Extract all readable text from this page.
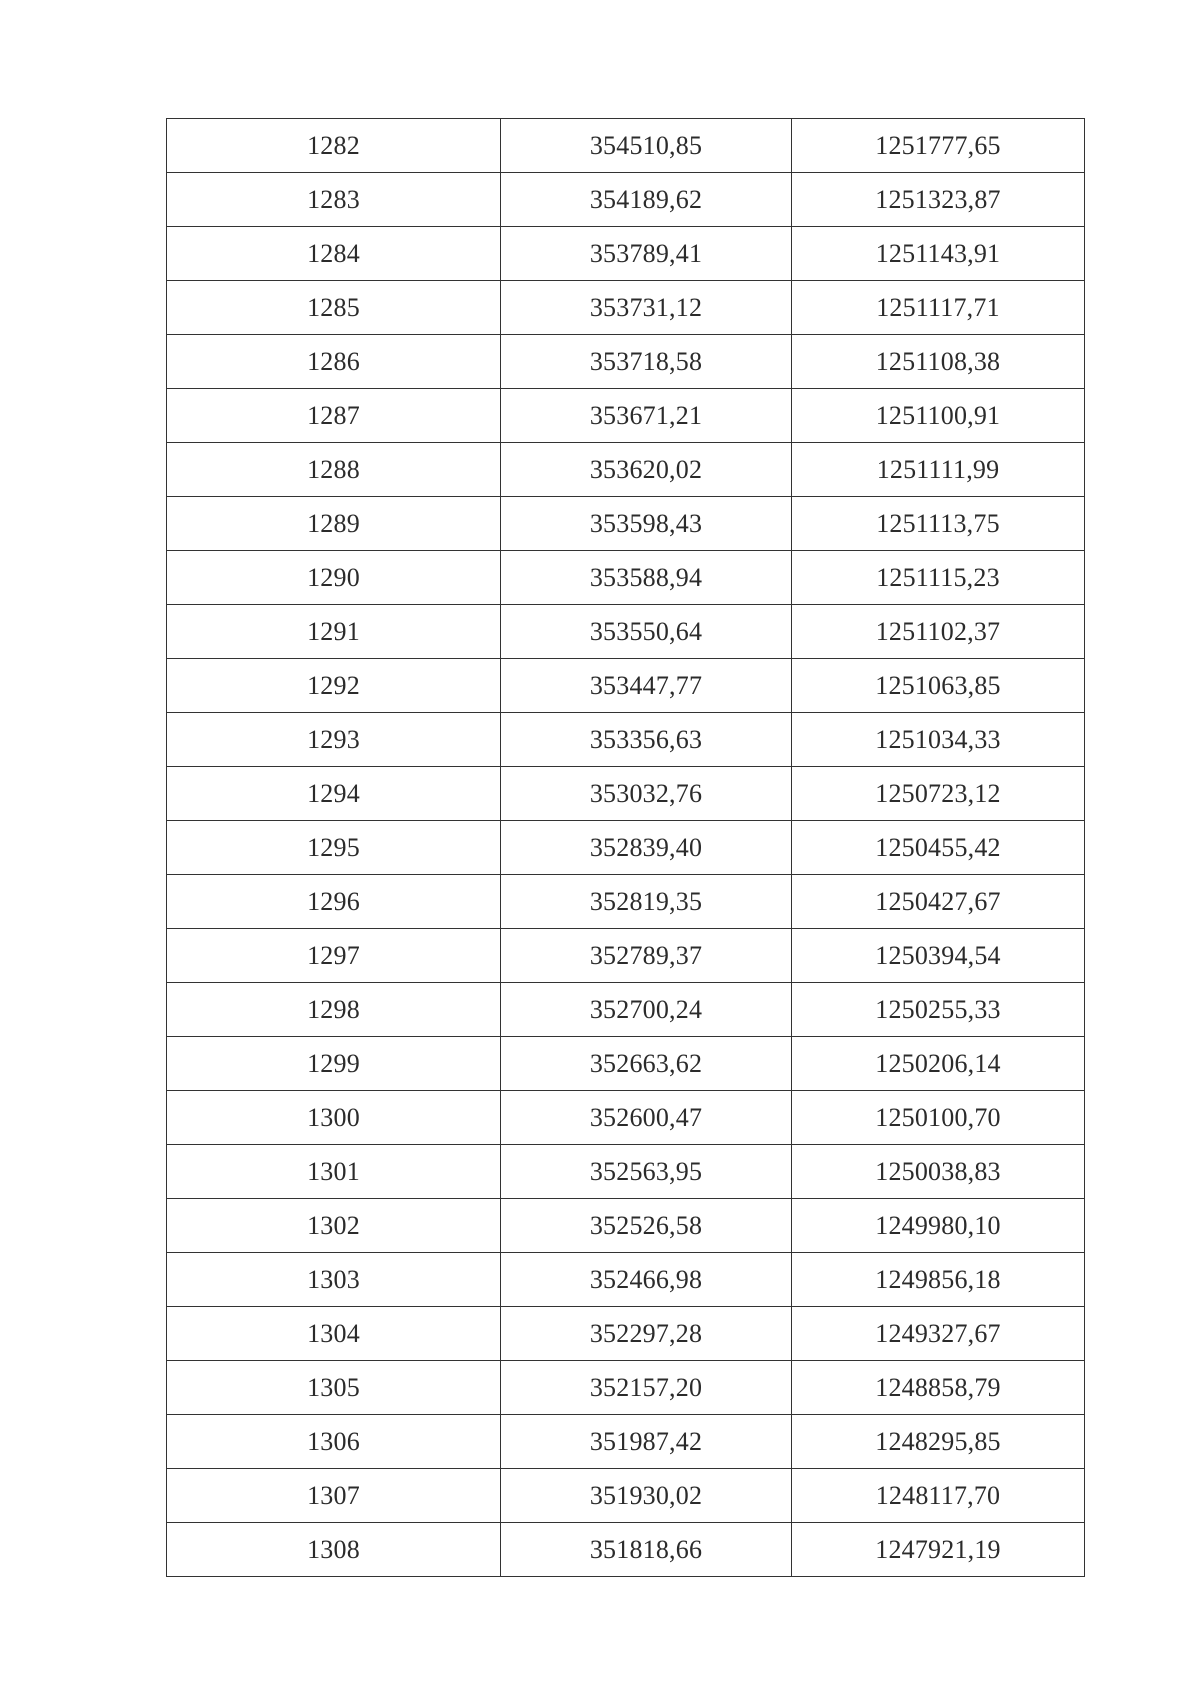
1282	354510,85	1251777,65
1283	354189,62	1251323,87
1284	353789,41	1251143,91
1285	353731,12	1251117,71
1286	353718,58	1251108,38
1287	353671,21	1251100,91
1288	353620,02	1251111,99
1289	353598,43	1251113,75
1290	353588,94	1251115,23
1291	353550,64	1251102,37
1292	353447,77	1251063,85
1293	353356,63	1251034,33
1294	353032,76	1250723,12
1295	352839,40	1250455,42
1296	352819,35	1250427,67
1297	352789,37	1250394,54
1298	352700,24	1250255,33
1299	352663,62	1250206,14
1300	352600,47	1250100,70
1301	352563,95	1250038,83
1302	352526,58	1249980,10
1303	352466,98	1249856,18
1304	352297,28	1249327,67
1305	352157,20	1248858,79
1306	351987,42	1248295,85
1307	351930,02	1248117,70
1308	351818,66	1247921,19
